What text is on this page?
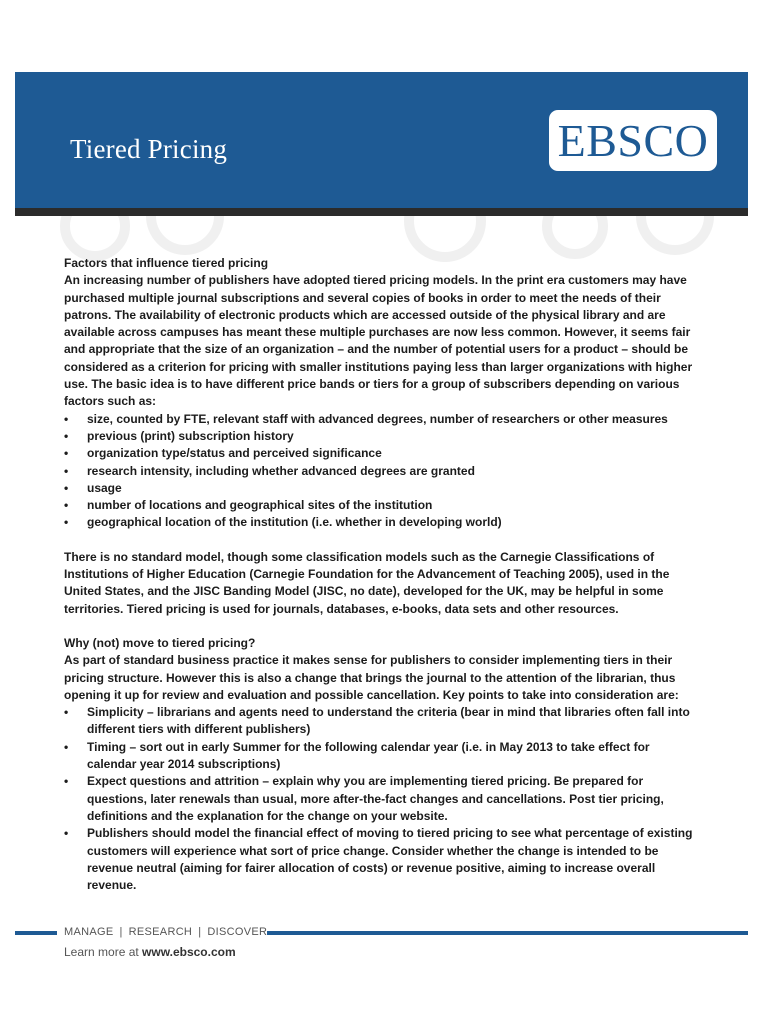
Tiered Pricing	EBSCO

Factors that influence tiered pricing

An increasing number of publishers have adopted tiered pricing models. In the print era customers may have purchased multiple journal subscriptions and several copies of books in order to meet the needs of their patrons. The availability of electronic products which are accessed outside of the physical library and are available across campuses has meant these multiple purchases are now less common. However, it seems fair and appropriate that the size of an organization – and the number of potential users for a product – should be considered as a criterion for pricing with smaller institutions paying less than larger organizations with higher use. The basic idea is to have different price bands or tiers for a group of subscribers depending on various factors such as:

• size, counted by FTE, relevant staff with advanced degrees, number of researchers or other measures
• previous (print) subscription history
• organization type/status and perceived significance
• research intensity, including whether advanced degrees are granted
• usage
• number of locations and geographical sites of the institution
• geographical location of the institution (i.e. whether in developing world)

There is no standard model, though some classification models such as the Carnegie Classifications of Institutions of Higher Education (Carnegie Foundation for the Advancement of Teaching 2005), used in the United States, and the JISC Banding Model (JISC, no date), developed for the UK, may be helpful in some territories. Tiered pricing is used for journals, databases, e-books, data sets and other resources.

Why (not) move to tiered pricing?

As part of standard business practice it makes sense for publishers to consider implementing tiers in their pricing structure. However this is also a change that brings the journal to the attention of the librarian, thus opening it up for review and evaluation and possible cancellation. Key points to take into consideration are:

• Simplicity – librarians and agents need to understand the criteria (bear in mind that libraries often fall into different tiers with different publishers)
• Timing – sort out in early Summer for the following calendar year (i.e. in May 2013 to take effect for calendar year 2014 subscriptions)
• Expect questions and attrition – explain why you are implementing tiered pricing. Be prepared for questions, later renewals than usual, more after-the-fact changes and cancellations. Post tier pricing, definitions and the explanation for the change on your website.
• Publishers should model the financial effect of moving to tiered pricing to see what percentage of existing customers will experience what sort of price change. Consider whether the change is intended to be revenue neutral (aiming for fairer allocation of costs) or revenue positive, aiming to increase overall revenue.
MANAGE | RESEARCH | DISCOVER
Learn more at www.ebsco.com
